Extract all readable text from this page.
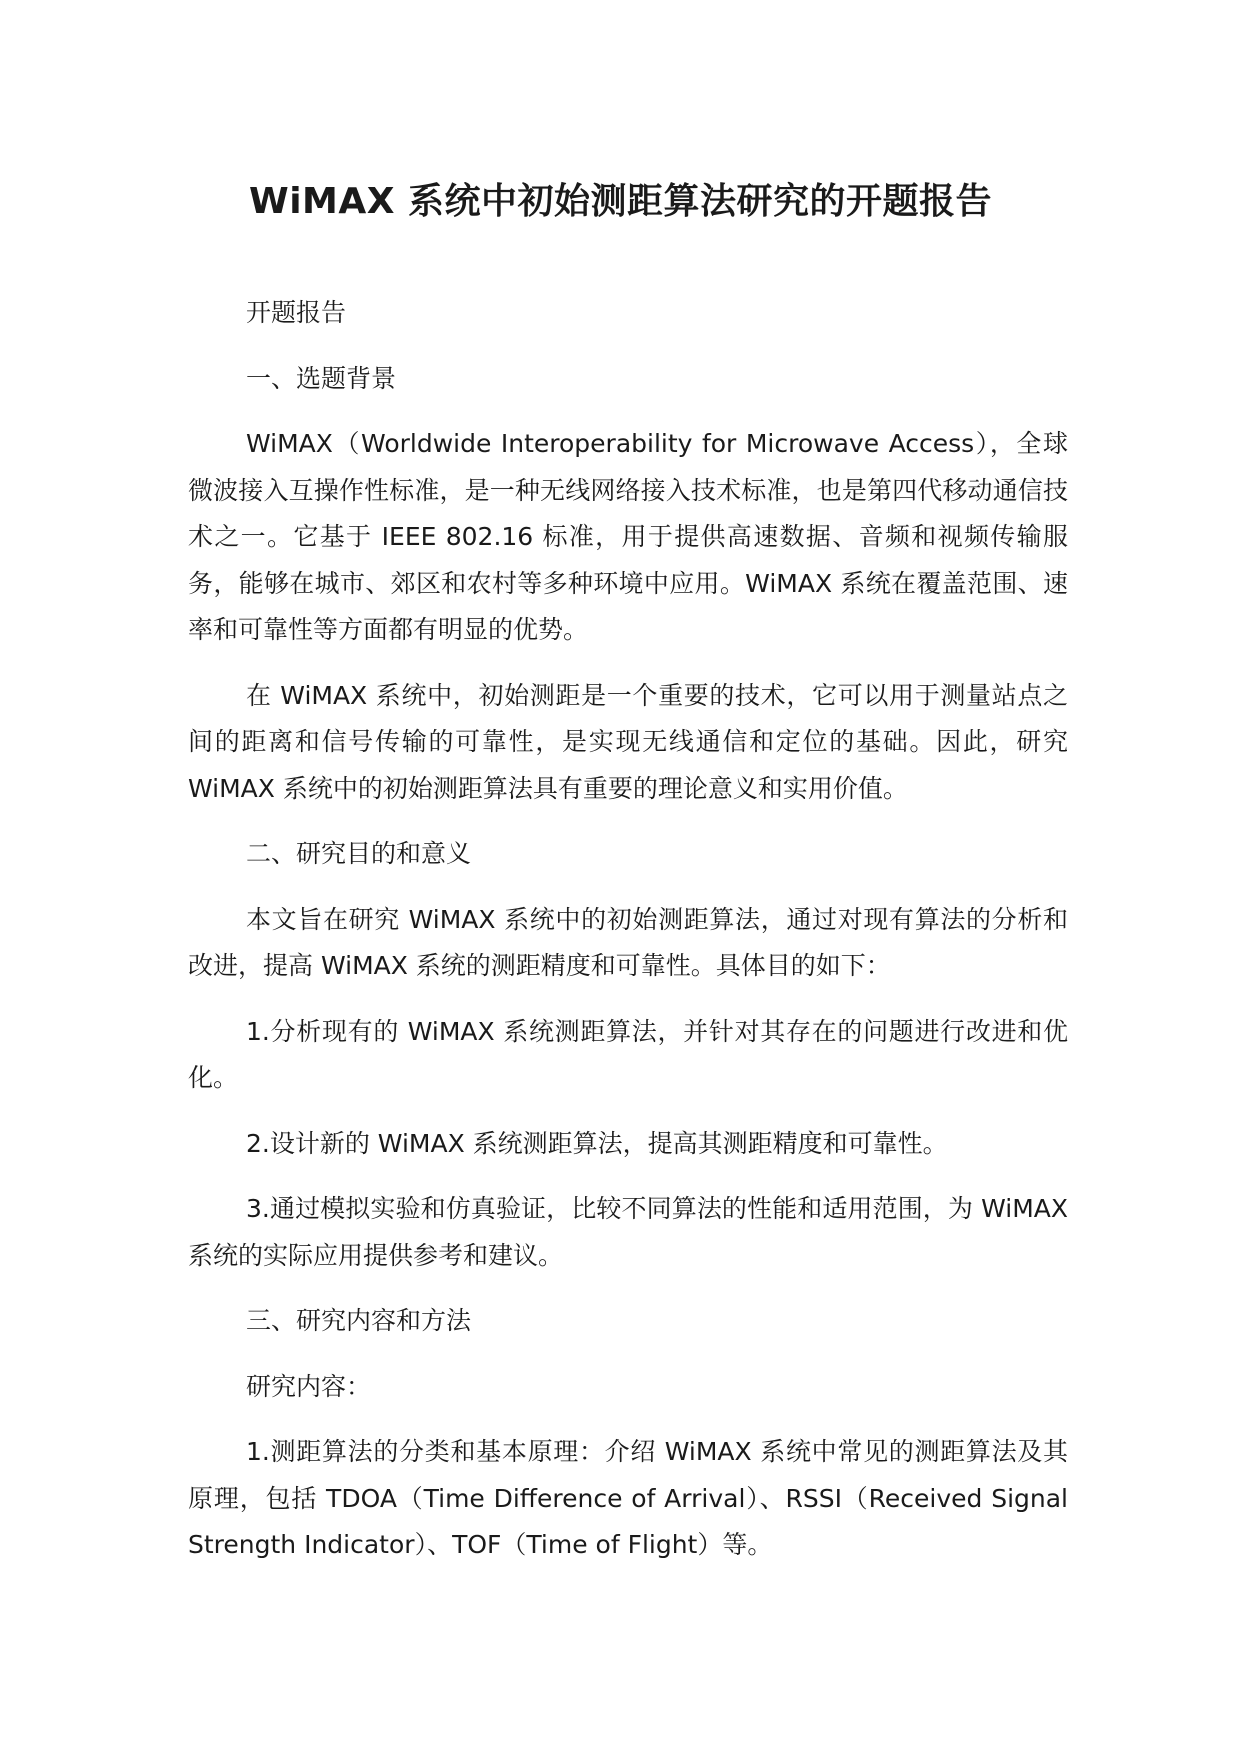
WiMAX 系统中初始测距算法研究的开题报告

开题报告

一、选题背景

WiMAX（Worldwide Interoperability for Microwave Access），全球微波接入互操作性标准，是一种无线网络接入技术标准，也是第四代移动通信技术之一。它基于 IEEE 802.16 标准，用于提供高速数据、音频和视频传输服务，能够在城市、郊区和农村等多种环境中应用。WiMAX 系统在覆盖范围、速率和可靠性等方面都有明显的优势。

在 WiMAX 系统中，初始测距是一个重要的技术，它可以用于测量站点之间的距离和信号传输的可靠性，是实现无线通信和定位的基础。因此，研究 WiMAX 系统中的初始测距算法具有重要的理论意义和实用价值。

二、研究目的和意义

本文旨在研究 WiMAX 系统中的初始测距算法，通过对现有算法的分析和改进，提高 WiMAX 系统的测距精度和可靠性。具体目的如下：

1.分析现有的 WiMAX 系统测距算法，并针对其存在的问题进行改进和优化。

2.设计新的 WiMAX 系统测距算法，提高其测距精度和可靠性。

3.通过模拟实验和仿真验证，比较不同算法的性能和适用范围，为 WiMAX 系统的实际应用提供参考和建议。

三、研究内容和方法

研究内容：

1.测距算法的分类和基本原理：介绍 WiMAX 系统中常见的测距算法及其原理，包括 TDOA（Time Difference of Arrival）、RSSI（Received Signal Strength Indicator）、TOF（Time of Flight）等。
